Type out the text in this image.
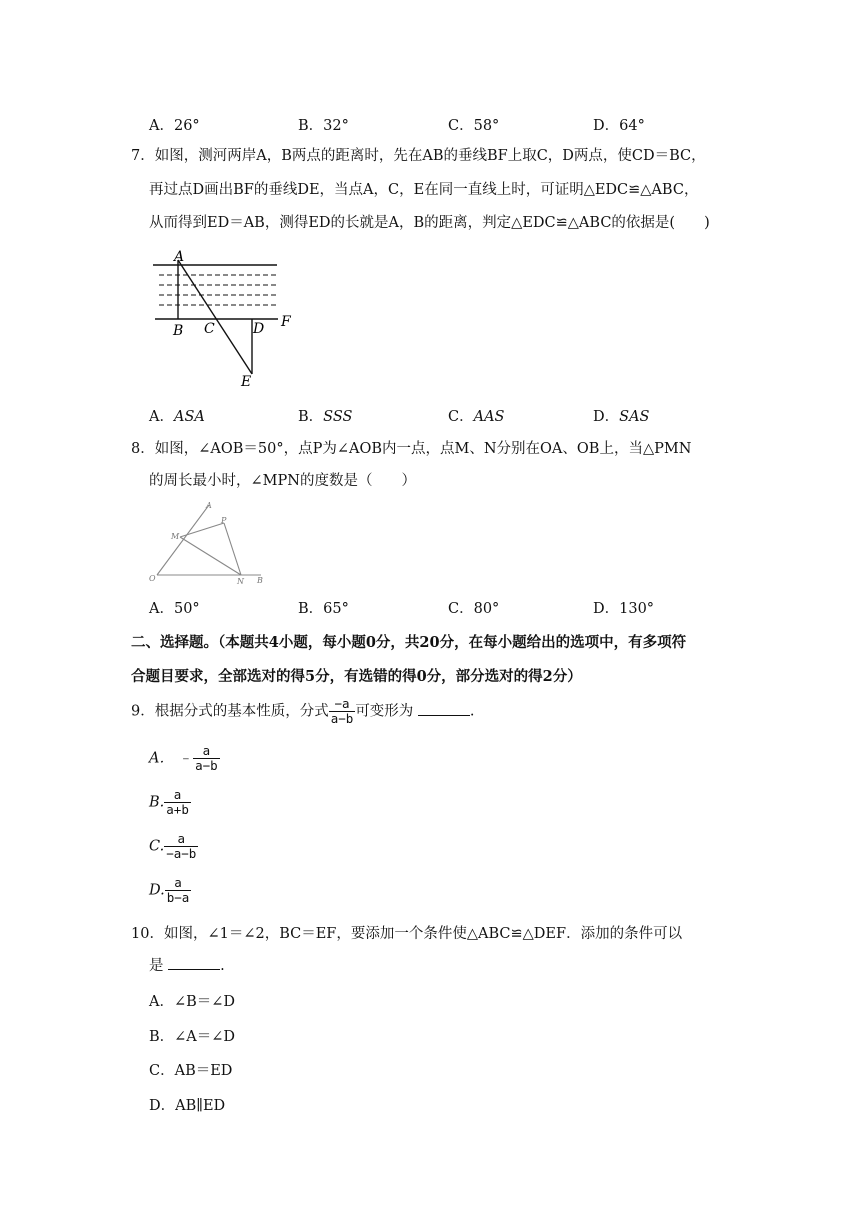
A．26°	B．32°	C．58°	D．64°
7．如图，测河两岸A，B两点的距离时，先在AB的垂线BF上取C，D两点，使CD＝BC，
再过点D画出BF的垂线DE，当点A，C，E在同一直线上时，可证明△EDC≌△ABC，
从而得到ED＝AB，测得ED的长就是A，B的距离，判定△EDC≌△ABC的依据是(　　)
A
B C	D F
E
A．ASA	B．SSS	C．AAS	D．SAS
8．如图，∠AOB＝50°，点P为∠AOB内一点，点M、N分别在OA、OB上，当△PMN
的周长最小时，∠MPN的度数是（　　）
A
P
M
O	N B
A．50°	B．65°	C．80°	D．130°
二、选择题。（本题共4小题，每小题0分，共20分，在每小题给出的选项中，有多项符
合题目要求，全部选对的得5分，有选错的得0分，部分选对的得2分）
9．根据分式的基本性质，分式 $\frac{-a}{a-b}$ 可变形为	.
A． ﹣ $\frac{a}{a-b}$
B. $\frac{a}{a+b}$
C. $\frac{a}{-a-b}$
D. $\frac{a}{b-a}$
10．如图，∠1＝∠2，BC＝EF，要添加一个条件使△ABC≌△DEF．添加的条件可以
是	.
A．∠B＝∠D
B．∠A＝∠D
C．AB＝ED
D．AB∥ED
